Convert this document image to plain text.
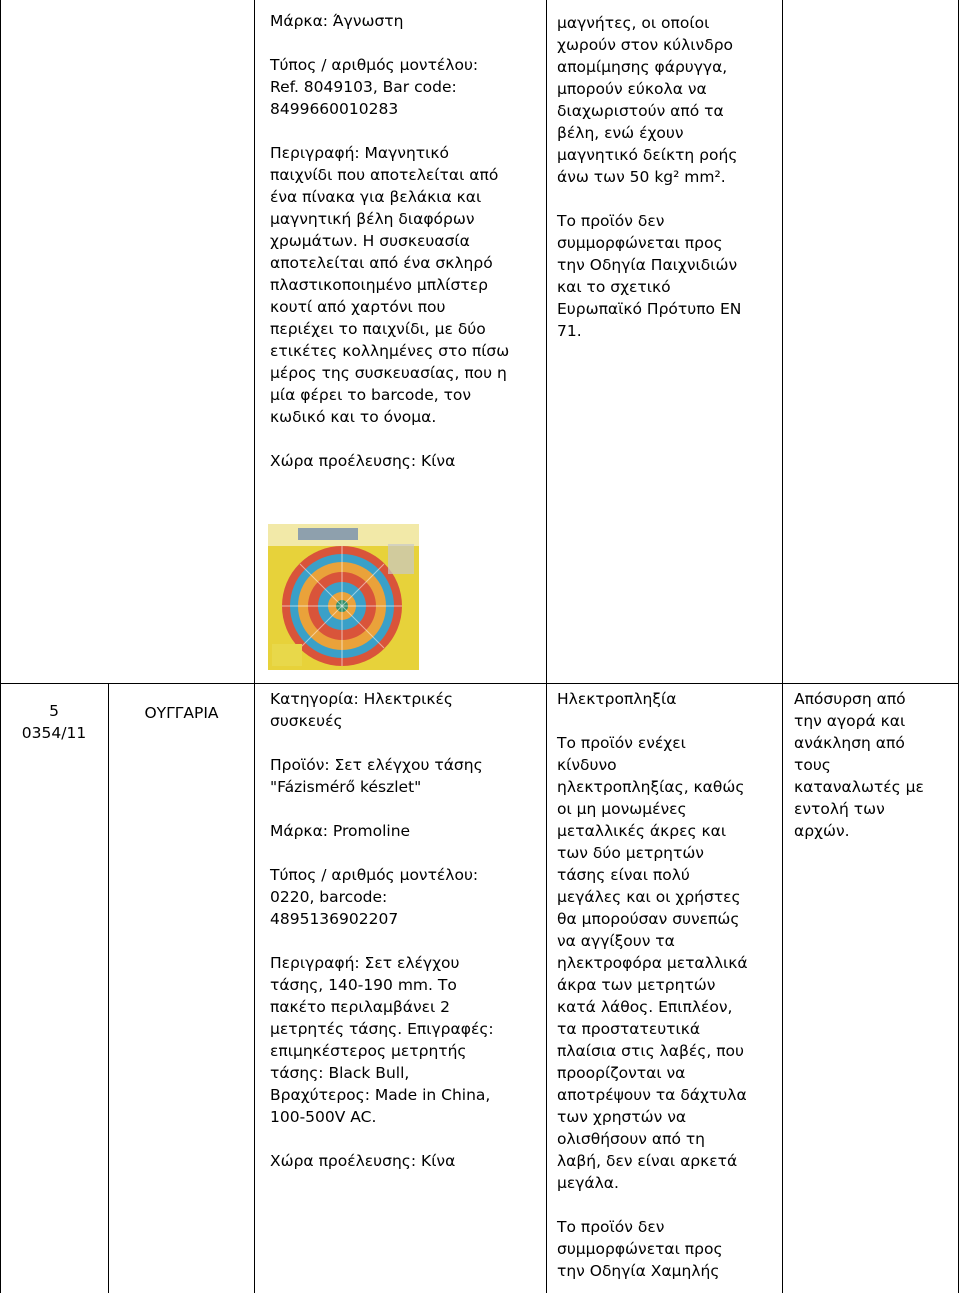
Μάρκα: Άγνωστη
Τύπος / αριθμός μοντέλου:
Ref. 8049103, Bar code:
8499660010283
Περιγραφή: Μαγνητικό
παιχνίδι που αποτελείται από
ένα πίνακα για βελάκια και
μαγνητική βέλη διαφόρων
χρωμάτων. Η συσκευασία
αποτελείται από ένα σκληρό
πλαστικοποιημένο μπλίστερ
κουτί από χαρτόνι που
περιέχει το παιχνίδι, με δύο
ετικέτες κολλημένες στο πίσω
μέρος της συσκευασίας, που η
μία φέρει το barcode, τον
κωδικό και το όνομα.
Χώρα προέλευσης: Κίνα
μαγνήτες, οι οποίοι
χωρούν στον κύλινδρο
απομίμησης φάρυγγα,
μπορούν εύκολα να
διαχωριστούν από τα
βέλη, ενώ έχουν
μαγνητικό δείκτη ροής
άνω των 50 kg² mm².
Το προϊόν δεν
συμμορφώνεται προς
την Οδηγία Παιχνιδιών
και το σχετικό
Ευρωπαϊκό Πρότυπο EN
71.
5
0354/11
ΟΥΓΓΑΡΙΑ
Κατηγορία: Ηλεκτρικές
συσκευές
Προϊόν: Σετ ελέγχου τάσης
"Fázismérő készlet"
Μάρκα: Promoline
Τύπος / αριθμός μοντέλου:
0220, barcode:
4895136902207
Περιγραφή: Σετ ελέγχου
τάσης, 140-190 mm. Το
πακέτο περιλαμβάνει 2
μετρητές τάσης. Επιγραφές:
επιμηκέστερος μετρητής
τάσης: Black Bull,
Βραχύτερος: Made in China,
100-500V AC.
Χώρα προέλευσης: Κίνα
Ηλεκτροπληξία
Το προϊόν ενέχει
κίνδυνο
ηλεκτροπληξίας, καθώς
οι μη μονωμένες
μεταλλικές άκρες και
των δύο μετρητών
τάσης είναι πολύ
μεγάλες και οι χρήστες
θα μπορούσαν συνεπώς
να αγγίξουν τα
ηλεκτροφόρα μεταλλικά
άκρα των μετρητών
κατά λάθος. Επιπλέον,
τα προστατευτικά
πλαίσια στις λαβές, που
προορίζονται να
αποτρέψουν τα δάχτυλα
των χρηστών να
ολισθήσουν από τη
λαβή, δεν είναι αρκετά
μεγάλα.
Το προϊόν δεν
συμμορφώνεται προς
την Οδηγία Χαμηλής
Απόσυρση από
την αγορά και
ανάκληση από
τους
καταναλωτές με
εντολή των
αρχών.
